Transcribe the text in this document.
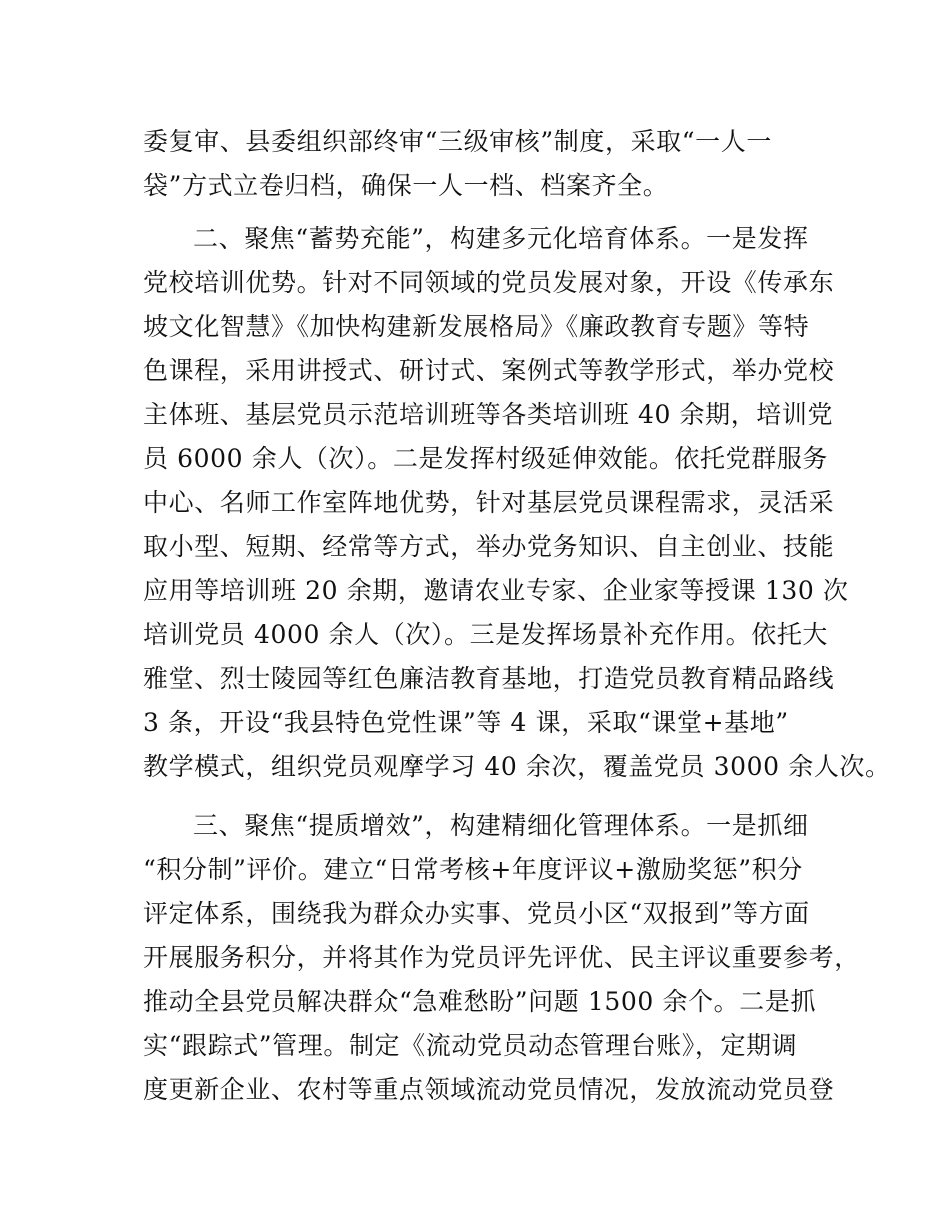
委复审、县委组织部终审“三级审核”制度，采取“一人一
袋”方式立卷归档，确保一人一档、档案齐全。
二、聚焦“蓄势充能”，构建多元化培育体系。一是发挥
党校培训优势。针对不同领域的党员发展对象，开设《传承东
坡文化智慧》《加快构建新发展格局》《廉政教育专题》等特
色课程，采用讲授式、研讨式、案例式等教学形式，举办党校
主体班、基层党员示范培训班等各类培训班 40 余期，培训党
员 6000 余人（次）。二是发挥村级延伸效能。依托党群服务
中心、名师工作室阵地优势，针对基层党员课程需求，灵活采
取小型、短期、经常等方式，举办党务知识、自主创业、技能
应用等培训班 20 余期，邀请农业专家、企业家等授课 130 次
培训党员 4000 余人（次）。三是发挥场景补充作用。依托大
雅堂、烈士陵园等红色廉洁教育基地，打造党员教育精品路线
3 条，开设“我县特色党性课”等 4 课，采取“课堂+基地”
教学模式，组织党员观摩学习 40 余次，覆盖党员 3000 余人次。
三、聚焦“提质增效”，构建精细化管理体系。一是抓细
“积分制”评价。建立“日常考核+年度评议+激励奖惩”积分
评定体系，围绕我为群众办实事、党员小区“双报到”等方面
开展服务积分，并将其作为党员评先评优、民主评议重要参考，
推动全县党员解决群众“急难愁盼”问题 1500 余个。二是抓
实“跟踪式”管理。制定《流动党员动态管理台账》，定期调
度更新企业、农村等重点领域流动党员情况，发放流动党员登
